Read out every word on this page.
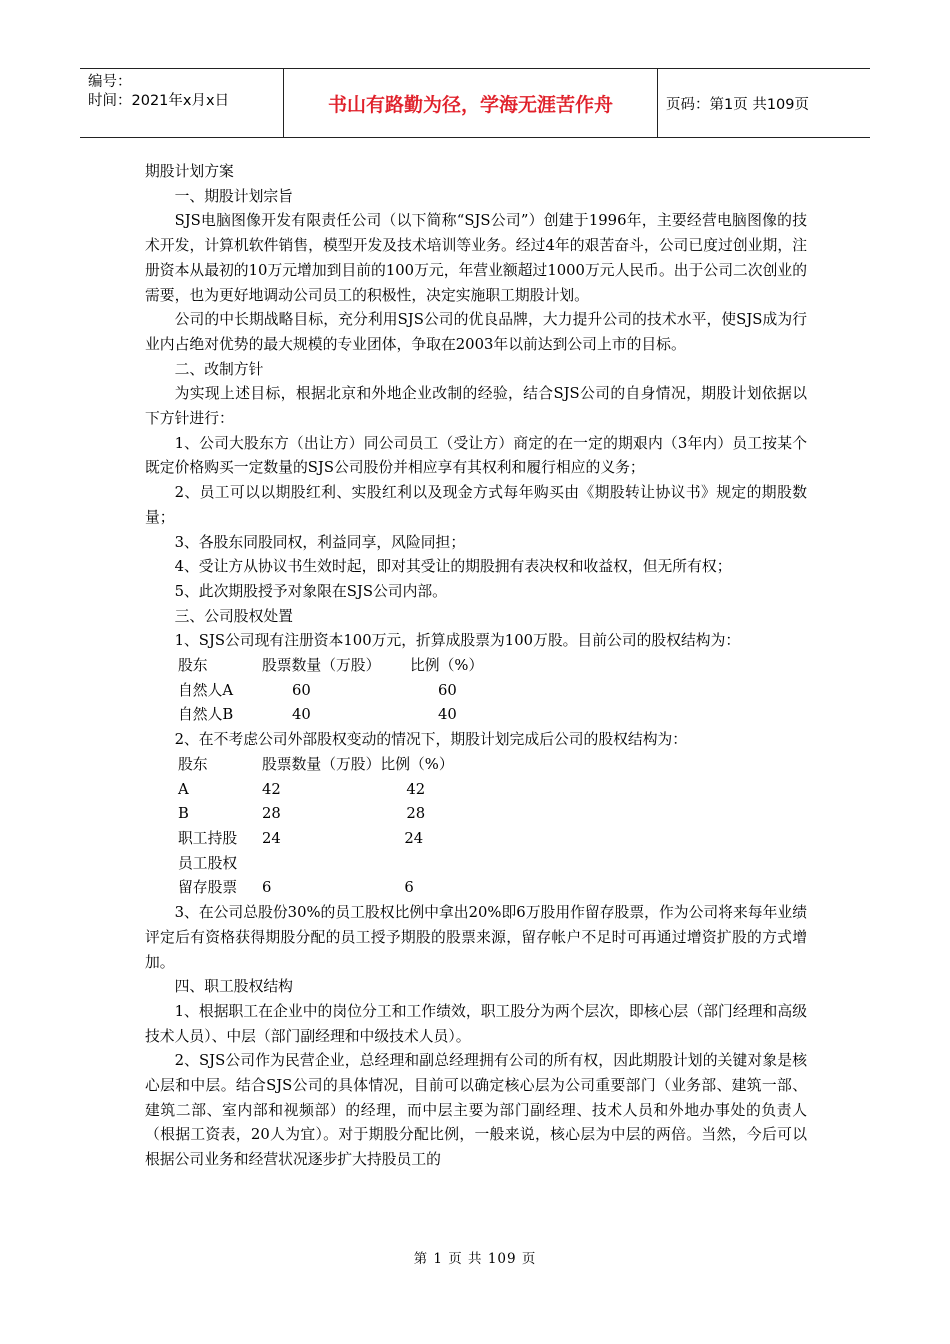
编号：
时间：2021年x月x日	书山有路勤为径，学海无涯苦作舟	页码：第1页 共109页

期股计划方案

一、期股计划宗旨

SJS电脑图像开发有限责任公司（以下简称“SJS公司”）创建于1996年，主要经营电脑图像的技术开发，计算机软件销售，模型开发及技术培训等业务。经过4年的艰苦奋斗，公司已度过创业期，注册资本从最初的10万元增加到目前的100万元，年营业额超过1000万元人民币。出于公司二次创业的需要，也为更好地调动公司员工的积极性，决定实施职工期股计划。

公司的中长期战略目标，充分利用SJS公司的优良品牌，大力提升公司的技术水平，使SJS成为行业内占绝对优势的最大规模的专业团体，争取在2003年以前达到公司上市的目标。

二、改制方针

为实现上述目标，根据北京和外地企业改制的经验，结合SJS公司的自身情况，期股计划依据以下方针进行：

1、公司大股东方（出让方）同公司员工（受让方）商定的在一定的期艰内（3年内）员工按某个既定价格购买一定数量的SJS公司股份并相应享有其权利和履行相应的义务；

2、员工可以以期股红利、实股红利以及现金方式每年购买由《期股转让协议书》规定的期股数量；

3、各股东同股同权，利益同享，风险同担；

4、受让方从协议书生效时起，即对其受让的期股拥有表决权和收益权，但无所有权；

5、此次期股授予对象限在SJS公司内部。

三、公司股权处置

1、SJS公司现有注册资本100万元，折算成股票为100万股。目前公司的股权结构为：

股东	股票数量（万股）	比例（%）
自然人A	60	60
自然人B	40	40

2、在不考虑公司外部股权变动的情况下，期股计划完成后公司的股权结构为：

股东	股票数量（万股）	比例（%）
A	42	42
B	28	28
职工持股	24	24
员工股权		
留存股票	6	6

3、在公司总股份30%的员工股权比例中拿出20%即6万股用作留存股票，作为公司将来每年业绩评定后有资格获得期股分配的员工授予期股的股票来源，留存帐户不足时可再通过增资扩股的方式增加。

四、职工股权结构

1、根据职工在企业中的岗位分工和工作绩效，职工股分为两个层次，即核心层（部门经理和高级技术人员）、中层（部门副经理和中级技术人员）。

2、SJS公司作为民营企业，总经理和副总经理拥有公司的所有权，因此期股计划的关键对象是核心层和中层。结合SJS公司的具体情况，目前可以确定核心层为公司重要部门（业务部、建筑一部、建筑二部、室内部和视频部）的经理，而中层主要为部门副经理、技术人员和外地办事处的负责人（根据工资表，20人为宜）。对于期股分配比例，一般来说，核心层为中层的两倍。当然，今后可以根据公司业务和经营状况逐步扩大持股员工的

第 1 页 共 109 页
